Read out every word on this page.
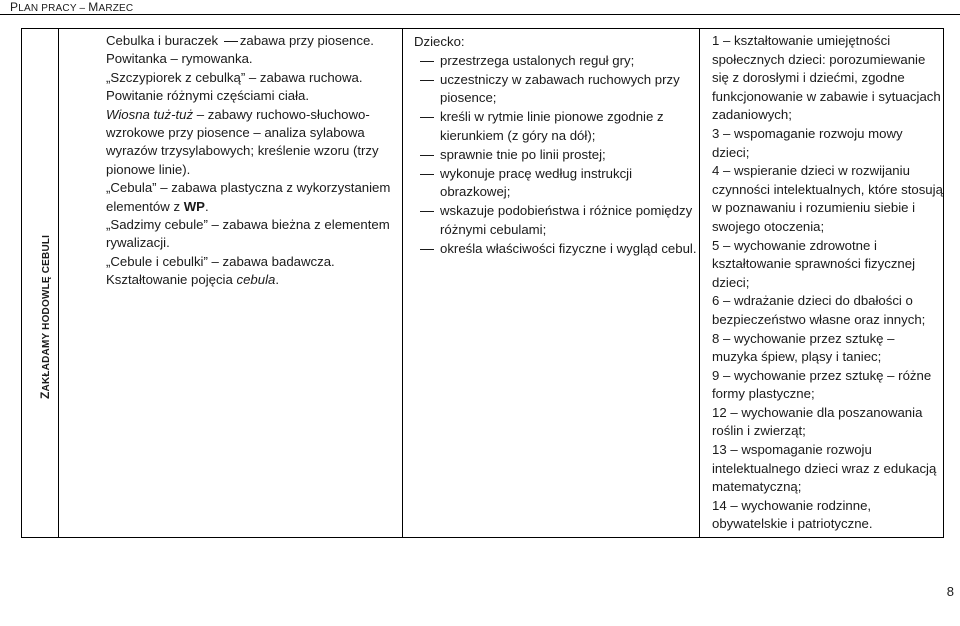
PLAN PRACY – MARZEC
ZAKŁADAMY HODOWLĘ CEBULI

Cebulka i buraczek zabawa przy piosence.
Powitanka – rymowanka.
„Szczypiorek z cebulką” – zabawa ruchowa. Powitanie różnymi częściami ciała.
Wiosna tuż-tuż – zabawy ruchowo-słuchowo-wzrokowe przy piosence – analiza sylabowa wyrazów trzysylabowych; kreślenie wzoru (trzy pionowe linie).
„Cebula” – zabawa plastyczna z wykorzystaniem elementów z WP.
„Sadzimy cebule” – zabawa bieżna z elementem rywalizacji.
„Cebule i cebulki” – zabawa badawcza. Kształtowanie pojęcia cebula.

Dziecko:
przestrzega ustalonych reguł gry;
uczestniczy w zabawach ruchowych przy piosence;
kreśli w rytmie linie pionowe zgodnie z kierunkiem (z góry na dół);
sprawnie tnie po linii prostej;
wykonuje pracę według instrukcji obrazkowej;
wskazuje podobieństwa i różnice pomiędzy różnymi cebulami;
określa właściwości fizyczne i wygląd cebul.

1 – kształtowanie umiejętności społecznych dzieci: porozumiewanie się z dorosłymi i dziećmi, zgodne funkcjonowanie w zabawie i sytuacjach zadaniowych;
3 – wspomaganie rozwoju mowy dzieci;
4 – wspieranie dzieci w rozwijaniu czynności intelektualnych, które stosują w poznawaniu i rozumieniu siebie i swojego otoczenia;
5 – wychowanie zdrowotne i kształtowanie sprawności fizycznej dzieci;
6 – wdrażanie dzieci do dbałości o bezpieczeństwo własne oraz innych;
8 – wychowanie przez sztukę – muzyka śpiew, pląsy i taniec;
9 – wychowanie przez sztukę – różne formy plastyczne;
12 – wychowanie dla poszanowania roślin i zwierząt;
13 – wspomaganie rozwoju intelektualnego dzieci wraz z edukacją matematyczną;
14 – wychowanie rodzinne, obywatelskie i patriotyczne.
8
